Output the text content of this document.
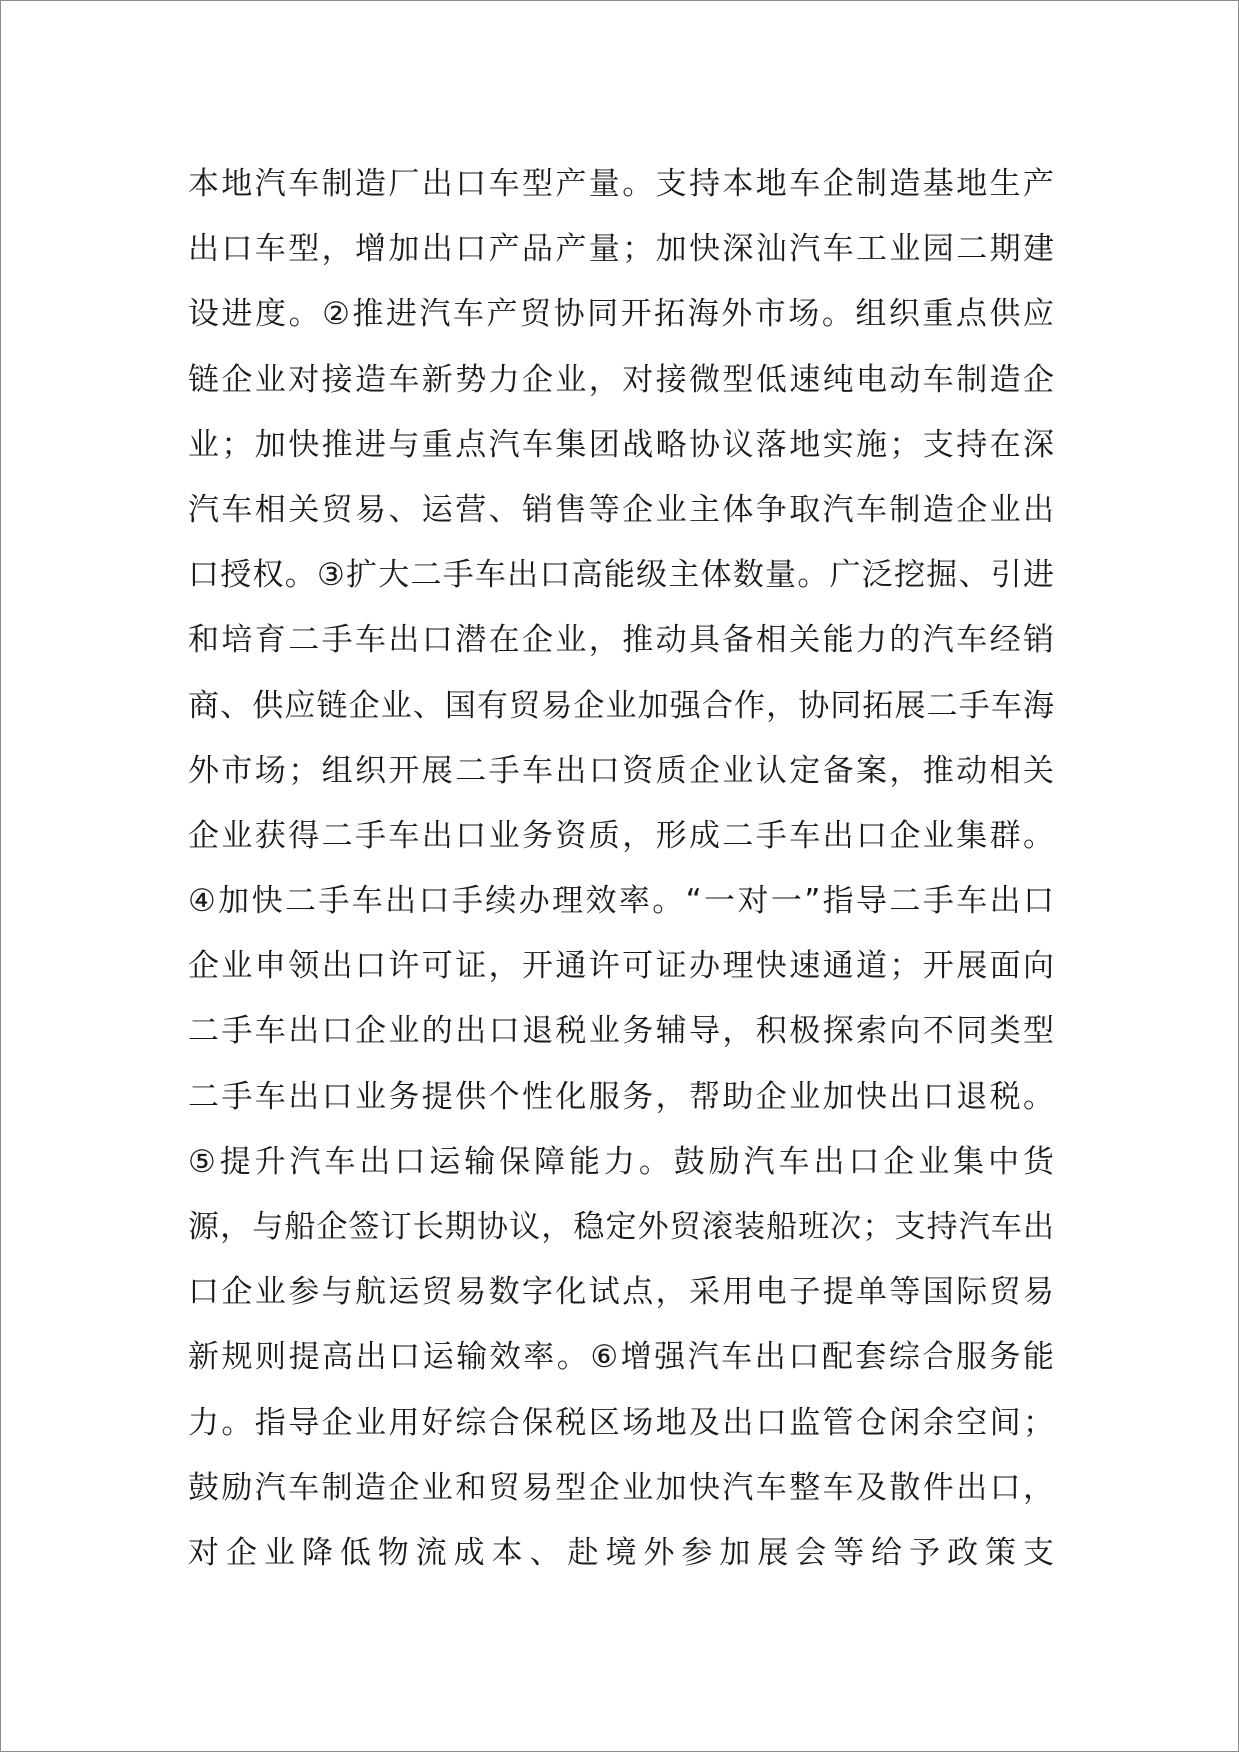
本地汽车制造厂出口车型产量。支持本地车企制造基地生产
出口车型，增加出口产品产量；加快深汕汽车工业园二期建
设进度。②推进汽车产贸协同开拓海外市场。组织重点供应
链企业对接造车新势力企业，对接微型低速纯电动车制造企
业；加快推进与重点汽车集团战略协议落地实施；支持在深
汽车相关贸易、运营、销售等企业主体争取汽车制造企业出
口授权。③扩大二手车出口高能级主体数量。广泛挖掘、引进
和培育二手车出口潜在企业，推动具备相关能力的汽车经销
商、供应链企业、国有贸易企业加强合作，协同拓展二手车海
外市场；组织开展二手车出口资质企业认定备案，推动相关
企业获得二手车出口业务资质，形成二手车出口企业集群。
④加快二手车出口手续办理效率。“一对一”指导二手车出口
企业申领出口许可证，开通许可证办理快速通道；开展面向
二手车出口企业的出口退税业务辅导，积极探索向不同类型
二手车出口业务提供个性化服务，帮助企业加快出口退税。
⑤提升汽车出口运输保障能力。鼓励汽车出口企业集中货
源，与船企签订长期协议，稳定外贸滚装船班次；支持汽车出
口企业参与航运贸易数字化试点，采用电子提单等国际贸易
新规则提高出口运输效率。⑥增强汽车出口配套综合服务能
力。指导企业用好综合保税区场地及出口监管仓闲余空间；
鼓励汽车制造企业和贸易型企业加快汽车整车及散件出口，
对企业降低物流成本、赴境外参加展会等给予政策支
